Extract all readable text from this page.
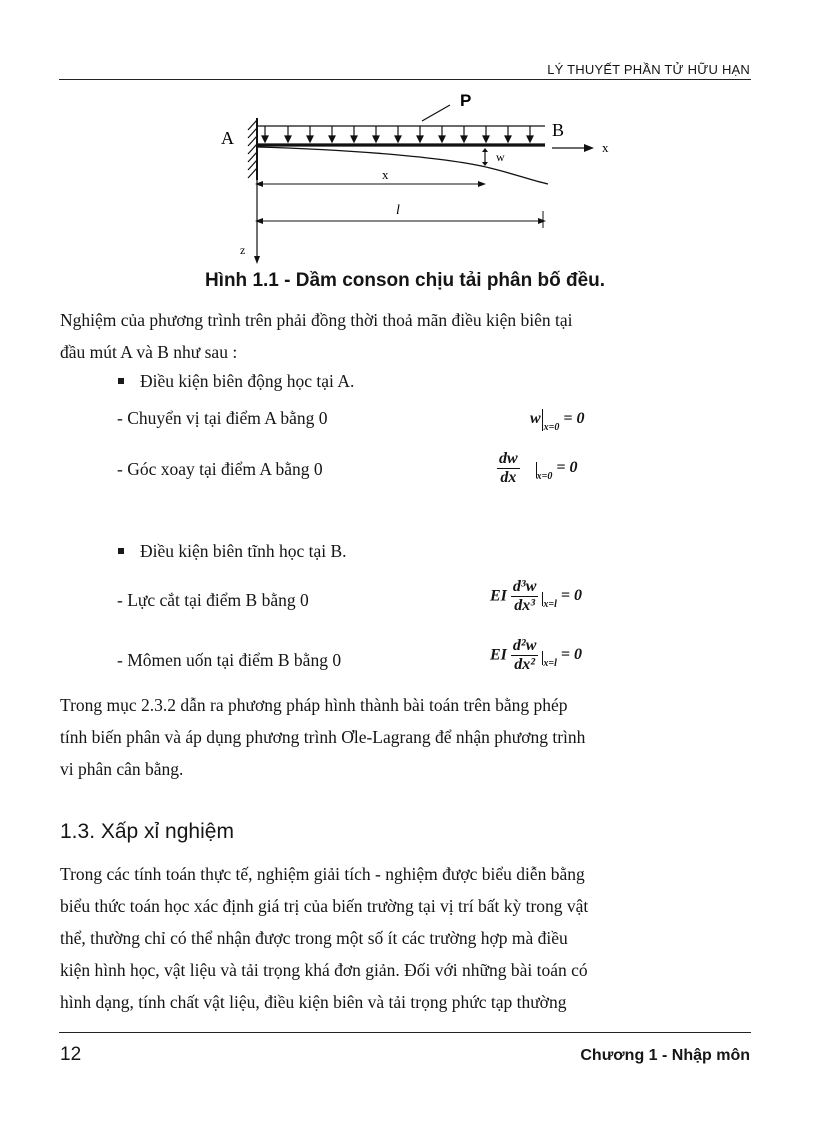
LÝ THUYẾT PHẦN TỬ HỮU HẠN
P
A	B
x
w
x
l
z
Hình 1.1 - Dầm conson chịu tải phân bố đều.
Nghiệm của phương trình trên phải đồng thời thoả mãn điều kiện biên tại
đầu mút A và B như sau :
Điều kiện biên động học tại A.
- Chuyển vị tại điểm A bằng 0	$w_{x=0} = 0$
- Góc xoay tại điểm A bằng 0	$\frac{dw}{dx} _{x=0} = 0$
Điều kiện biên tĩnh học tại B.
- Lực cắt tại điểm B bằng 0	EI $\frac{\text{d³w}}{\text{dx³}} _{x=l} = 0$
- Mômen uốn tại điểm B bằng 0	EI $\frac{\text{d²w}}{\text{dx²}} _{x=l} = 0$
Trong mục 2.3.2 dẫn ra phương pháp hình thành bài toán trên bằng phép
tính biến phân và áp dụng phương trình Ơle-Lagrang để nhận phương trình
vi phân cân bằng.
1.3. Xấp xỉ nghiệm
Trong các tính toán thực tế, nghiệm giải tích - nghiệm được biểu diễn bằng
biểu thức toán học xác định giá trị của biến trường tại vị trí bất kỳ trong vật
thể, thường chỉ có thể nhận được trong một số ít các trường hợp mà điều
kiện hình học, vật liệu và tải trọng khá đơn giản. Đối với những bài toán có
hình dạng, tính chất vật liệu, điều kiện biên và tải trọng phức tạp thường
12	Chương 1 - Nhập môn
